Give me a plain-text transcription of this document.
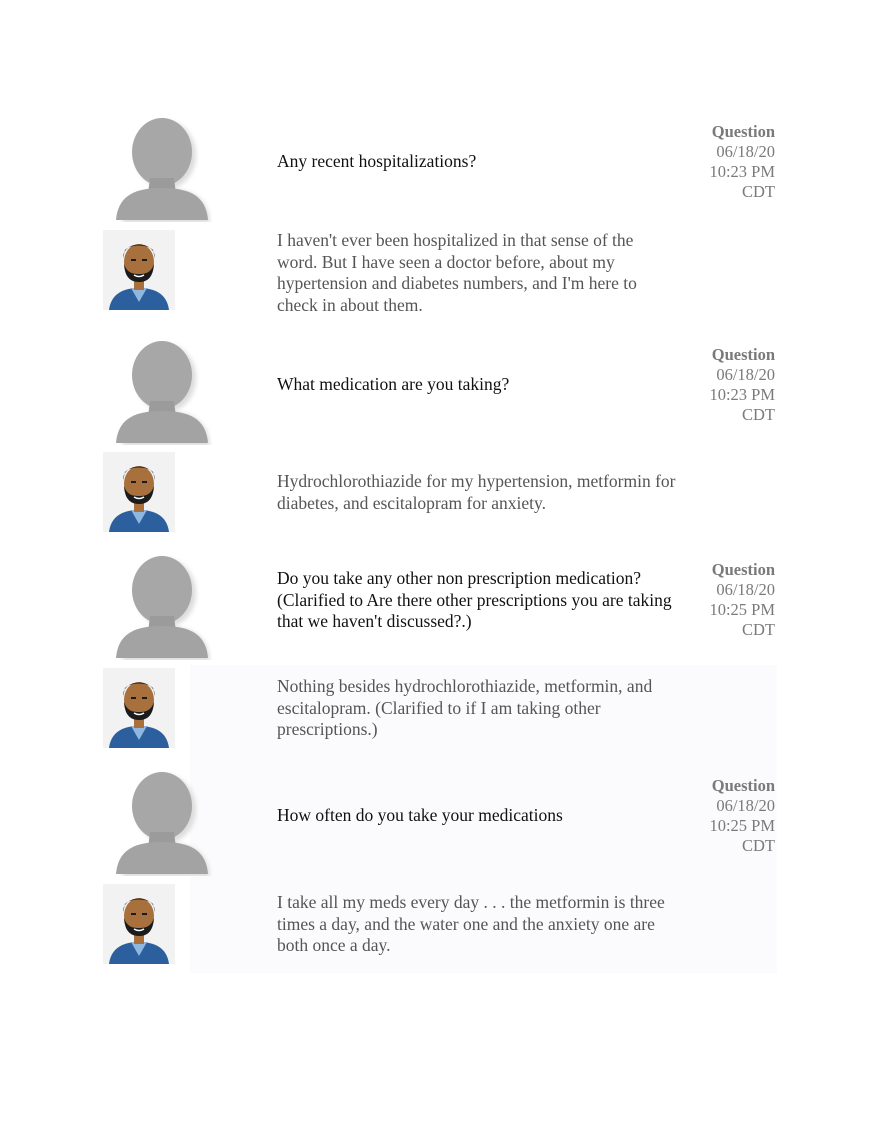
Any recent hospitalizations?
Question
06/18/20
10:23 PM
CDT
I haven't ever been hospitalized in that sense of the word. But I have seen a doctor before, about my hypertension and diabetes numbers, and I'm here to check in about them.
What medication are you taking?
Question
06/18/20
10:23 PM
CDT
Hydrochlorothiazide for my hypertension, metformin for diabetes, and escitalopram for anxiety.
Do you take any other non prescription medication? (Clarified to Are there other prescriptions you are taking that we haven't discussed?.)
Question
06/18/20
10:25 PM
CDT
Nothing besides hydrochlorothiazide, metformin, and escitalopram. (Clarified to if I am taking other prescriptions.)
How often do you take your medications
Question
06/18/20
10:25 PM
CDT
I take all my meds every day . . . the metformin is three times a day, and the water one and the anxiety one are both once a day.
